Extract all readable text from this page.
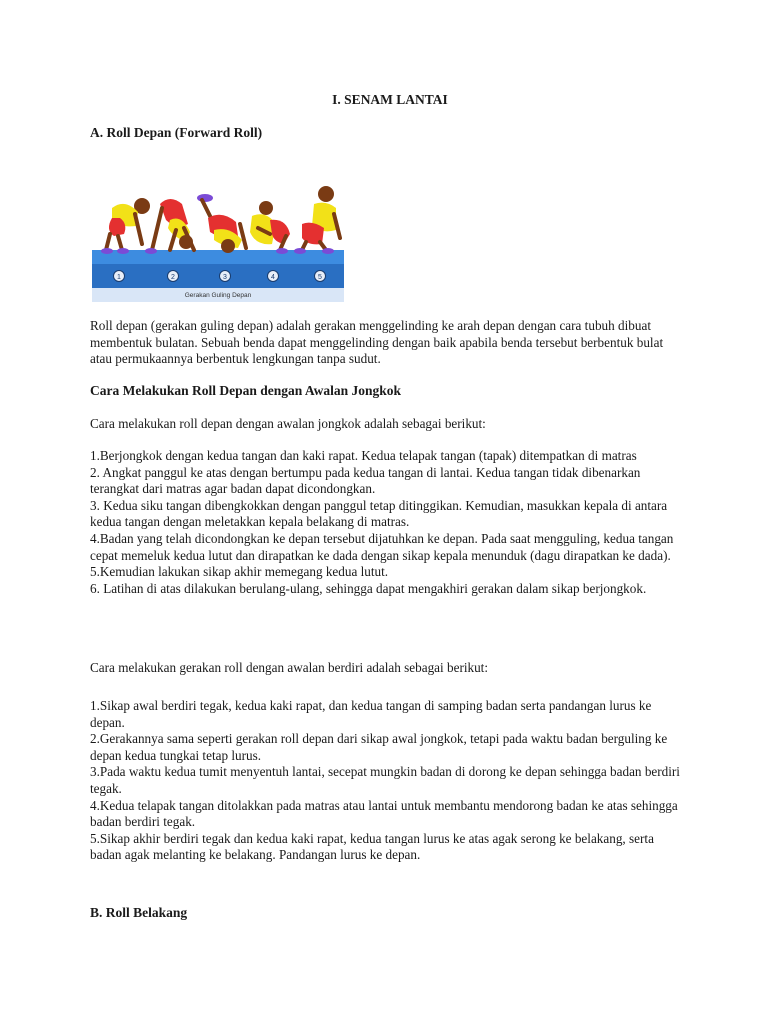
I. SENAM LANTAI
A. Roll Depan (Forward Roll)
Gerakan Guling Depan
1	2	3	4	5

Roll depan (gerakan guling depan) adalah gerakan menggelinding ke arah depan dengan cara tubuh dibuat membentuk bulatan. Sebuah benda dapat menggelinding dengan baik apabila benda tersebut berbentuk bulat atau permukaannya berbentuk lengkungan tanpa sudut.

Cara Melakukan Roll Depan dengan Awalan Jongkok

Cara melakukan roll depan dengan awalan jongkok adalah sebagai berikut:

1.Berjongkok dengan kedua tangan dan kaki rapat. Kedua telapak tangan (tapak) ditempatkan di matras

2. Angkat panggul ke atas dengan bertumpu pada kedua tangan di lantai. Kedua tangan tidak dibenarkan terangkat dari matras agar badan dapat dicondongkan.

3. Kedua siku tangan dibengkokkan dengan panggul tetap ditinggikan. Kemudian, masukkan kepala di antara kedua tangan dengan meletakkan kepala belakang di matras.

4.Badan yang telah dicondongkan ke depan tersebut dijatuhkan ke depan. Pada saat mengguling, kedua tangan cepat memeluk kedua lutut dan dirapatkan ke dada dengan sikap kepala menunduk (dagu dirapatkan ke dada).

5.Kemudian lakukan sikap akhir memegang kedua lutut.

6. Latihan di atas dilakukan berulang-ulang, sehingga dapat mengakhiri gerakan dalam sikap berjongkok.

Cara melakukan gerakan roll dengan awalan berdiri adalah sebagai berikut:

1.Sikap awal berdiri tegak, kedua kaki rapat, dan kedua tangan di samping badan serta pandangan lurus ke depan.

2.Gerakannya sama seperti gerakan roll depan dari sikap awal jongkok, tetapi pada waktu badan berguling ke depan kedua tungkai tetap lurus.

3.Pada waktu kedua tumit menyentuh lantai, secepat mungkin badan di dorong ke depan sehingga badan berdiri tegak.

4.Kedua telapak tangan ditolakkan pada matras atau lantai untuk membantu mendorong badan ke atas sehingga badan berdiri tegak.

5.Sikap akhir berdiri tegak dan kedua kaki rapat, kedua tangan lurus ke atas agak serong ke belakang, serta badan agak melanting ke belakang. Pandangan lurus ke depan.

B. Roll Belakang
